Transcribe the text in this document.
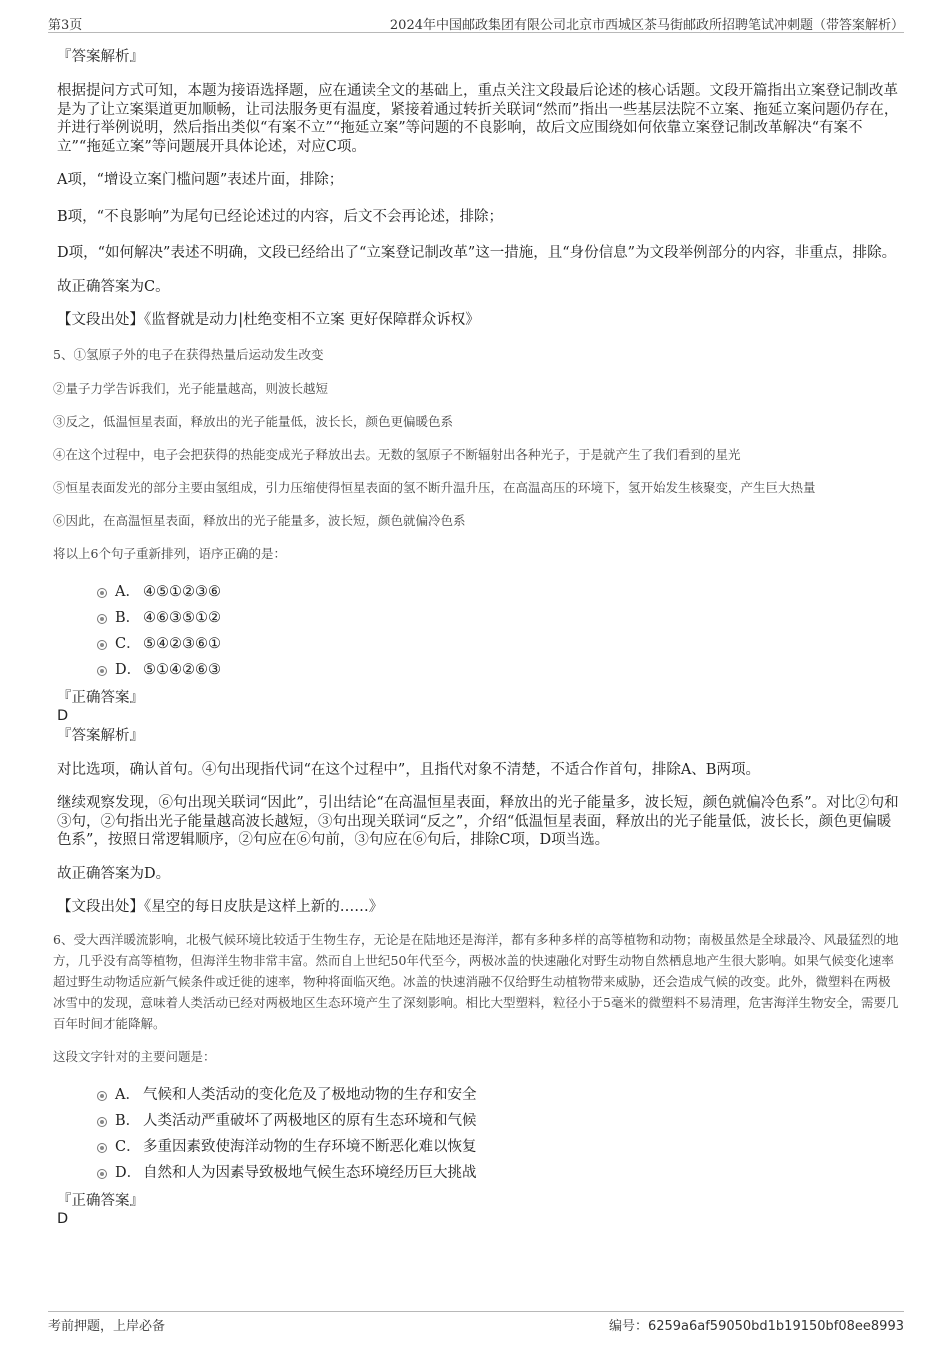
第3页	2024年中国邮政集团有限公司北京市西城区茶马街邮政所招聘笔试冲刺题（带答案解析）

『答案解析』

根据提问方式可知，本题为接语选择题，应在通读全文的基础上，重点关注文段最后论述的核心话题。文段开篇指出立案登记制改革是为了让立案渠道更加顺畅，让司法服务更有温度，紧接着通过转折关联词“然而”指出一些基层法院不立案、拖延立案问题仍存在，并进行举例说明，然后指出类似“有案不立”“拖延立案”等问题的不良影响，故后文应围绕如何依靠立案登记制改革解决“有案不立”“拖延立案”等问题展开具体论述，对应C项。

A项，“增设立案门槛问题”表述片面，排除；

B项，“不良影响”为尾句已经论述过的内容，后文不会再论述，排除；

D项，“如何解决”表述不明确，文段已经给出了“立案登记制改革”这一措施，且“身份信息”为文段举例部分的内容，非重点，排除。

故正确答案为C。

【文段出处】《监督就是动力|杜绝变相不立案 更好保障群众诉权》

5、①氢原子外的电子在获得热量后运动发生改变

②量子力学告诉我们，光子能量越高，则波长越短

③反之，低温恒星表面，释放出的光子能量低，波长长，颜色更偏暖色系

④在这个过程中，电子会把获得的热能变成光子释放出去。无数的氢原子不断辐射出各种光子，于是就产生了我们看到的星光

⑤恒星表面发光的部分主要由氢组成，引力压缩使得恒星表面的氢不断升温升压，在高温高压的环境下，氢开始发生核聚变，产生巨大热量

⑥因此，在高温恒星表面，释放出的光子能量多，波长短，颜色就偏冷色系

将以上6个句子重新排列，语序正确的是：

A． ④⑤①②③⑥
B． ④⑥③⑤①②
C． ⑤④②③⑥①
D． ⑤①④②⑥③

『正确答案』

D

『答案解析』

对比选项，确认首句。④句出现指代词“在这个过程中”，且指代对象不清楚，不适合作首句，排除A、B两项。

继续观察发现，⑥句出现关联词“因此”，引出结论“在高温恒星表面，释放出的光子能量多，波长短，颜色就偏冷色系”。对比②句和③句，②句指出光子能量越高波长越短，③句出现关联词“反之”，介绍“低温恒星表面，释放出的光子能量低，波长长，颜色更偏暖色系”，按照日常逻辑顺序，②句应在⑥句前，③句应在⑥句后，排除C项，D项当选。

故正确答案为D。

【文段出处】《星空的每日皮肤是这样上新的……》

6、受大西洋暖流影响，北极气候环境比较适于生物生存，无论是在陆地还是海洋，都有多种多样的高等植物和动物；南极虽然是全球最冷、风最猛烈的地方，几乎没有高等植物，但海洋生物非常丰富。然而自上世纪50年代至今，两极冰盖的快速融化对野生动物自然栖息地产生很大影响。如果气候变化速率超过野生动物适应新气候条件或迁徙的速率，物种将面临灭绝。冰盖的快速消融不仅给野生动植物带来威胁，还会造成气候的改变。此外，微塑料在两极冰雪中的发现，意味着人类活动已经对两极地区生态环境产生了深刻影响。相比大型塑料，粒径小于5毫米的微塑料不易清理，危害海洋生物安全，需要几百年时间才能降解。

这段文字针对的主要问题是：

A． 气候和人类活动的变化危及了极地动物的生存和安全
B． 人类活动严重破坏了两极地区的原有生态环境和气候
C． 多重因素致使海洋动物的生存环境不断恶化难以恢复
D． 自然和人为因素导致极地气候生态环境经历巨大挑战

『正确答案』

D

考前押题，上岸必备	编号：6259a6af59050bd1b19150bf08ee8993
